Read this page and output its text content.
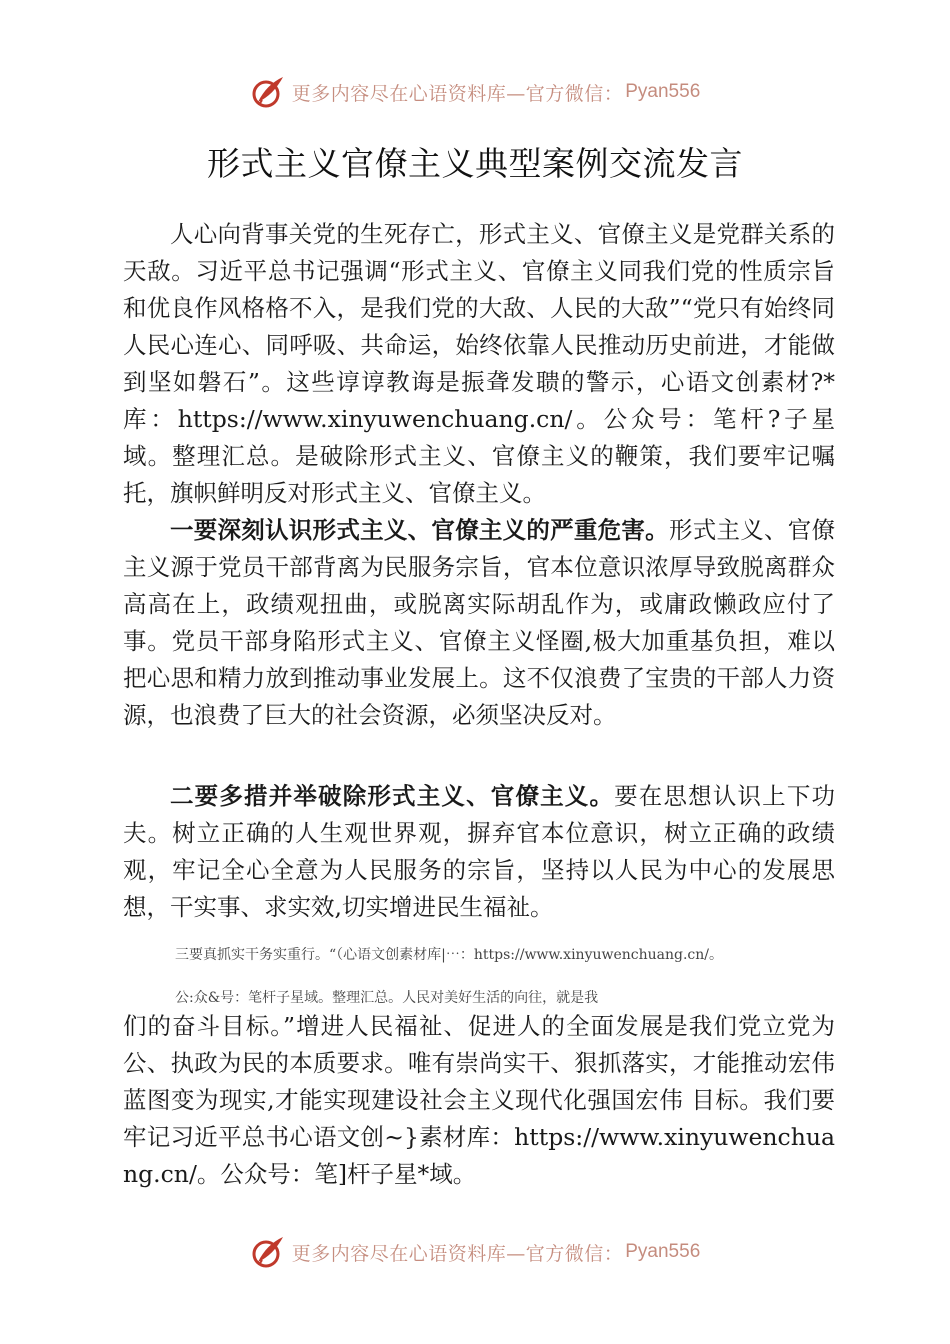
更多内容尽在心语资料库—官方微信： Pyan556
形式主义官僚主义典型案例交流发言

人心向背事关党的生死存亡，形式主义、官僚主义是党群关系的天敌。习近平总书记强调“形式主义、官僚主义同我们党的性质宗旨和优良作风格格不入，是我们党的大敌、人民的大敌”“党只有始终同人民心连心、同呼吸、共命运，始终依靠人民推动历史前进，才能做到坚如磐石”。这些谆谆教诲是振聋发聩的警示，心语文创素材?*库：https://www.xinyuwenchuang.cn/。公众号：笔杆?子星域。整理汇总。是破除形式主义、官僚主义的鞭策，我们要牢记嘱托，旗帜鲜明反对形式主义、官僚主义。

一要深刻认识形式主义、官僚主义的严重危害。形式主义、官僚主义源于党员干部背离为民服务宗旨，官本位意识浓厚导致脱离群众高高在上，政绩观扭曲，或脱离实际胡乱作为，或庸政懒政应付了事。党员干部身陷形式主义、官僚主义怪圈,极大加重基负担，难以把心思和精力放到推动事业发展上。这不仅浪费了宝贵的干部人力资源，也浪费了巨大的社会资源，必须坚决反对。

二要多措并举破除形式主义、官僚主义。要在思想认识上下功夫。树立正确的人生观世界观，摒弃官本位意识，树立正确的政绩观，牢记全心全意为人民服务的宗旨，坚持以人民为中心的发展思想，干实事、求实效,切实增进民生福祉。

三要真抓实干务实重行。“（心语文创素材库|⋯：https://www.xinyuwenchuang.cn/。

公:众&号：笔杆子星域。整理汇总。人民对美好生活的向往，就是我

们的奋斗目标。”增进人民福祉、促进人的全面发展是我们党立党为公、执政为民的本质要求。唯有崇尚实干、狠抓落实，才能推动宏伟蓝图变为现实,才能实现建设社会主义现代化强国宏伟 目标。我们要牢记习近平总书心语文创~}素材库：https://www.xinyuwenchuang.cn/。公众号：笔]杆子星*域。

更多内容尽在心语资料库—官方微信： Pyan556
